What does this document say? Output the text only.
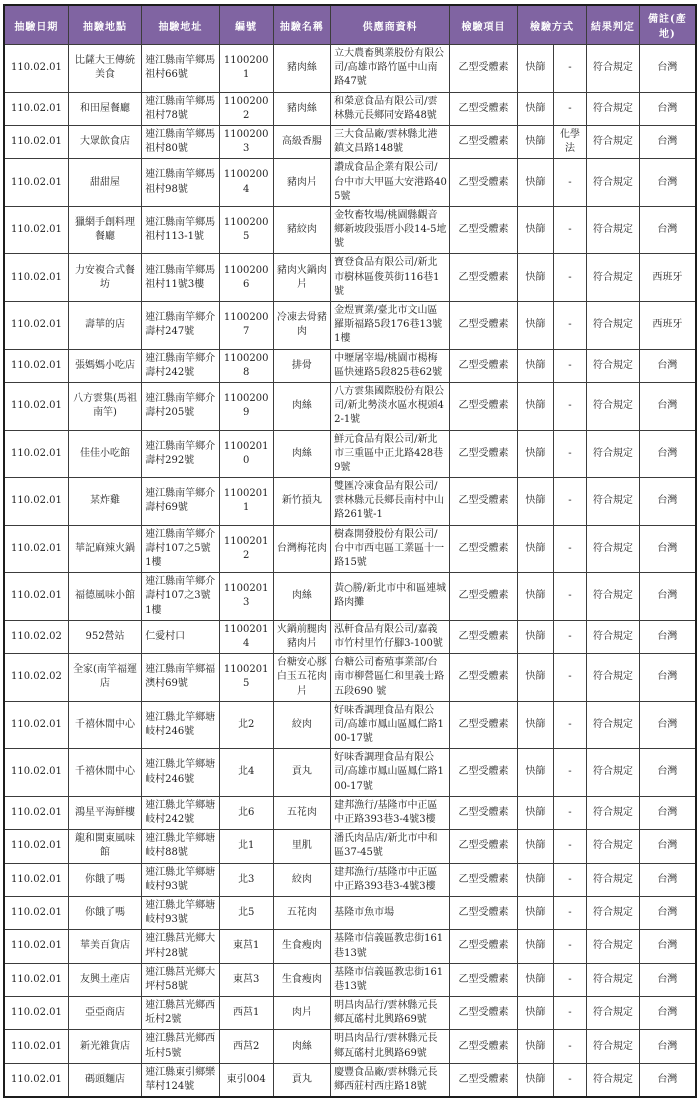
抽驗日期	抽驗地點	抽驗地址	編號	抽驗名稱	供應商資料	檢驗項目	檢驗方式		結果判定	備註(產地)
110.02.01	比薩大王傳統美食	連江縣南竿鄉馬祖村66號	11002001	豬肉絲	立大農畜興業股份有限公司/高雄市路竹區中山南路47號	乙型受體素	快篩	-	符合規定	台灣
110.02.01	和田屋餐廳	連江縣南竿鄉馬祖村78號	11002002	豬肉絲	和榮意食品有限公司/雲林縣元長鄉同安路48號	乙型受體素	快篩	-	符合規定	台灣
110.02.01	大眾飲食店	連江縣南竿鄉馬祖村80號	11002003	高級香腸	三大食品廠/雲林縣北港鎮文昌路148號	乙型受體素	快篩	化學法	符合規定	台灣
110.02.01	甜甜屋	連江縣南竿鄉馬祖村98號	11002004	豬肉片	讚成食品企業有限公司/台中市大甲區大安港路405號	乙型受體素	快篩	-	符合規定	台灣
110.02.01	獵網手創料理餐廳	連江縣南竿鄉馬祖村113-1號	11002005	豬絞肉	金牧畜牧場/桃園縣觀音鄉新坡段張厝小段14-5地號	乙型受體素	快篩	-	符合規定	台灣
110.02.01	力安複合式餐坊	連江縣南竿鄉馬祖村11號3樓	11002006	豬肉火鍋肉片	寶登食品有限公司/新北市樹林區俊英街116巷1號	乙型受體素	快篩	-	符合規定	西班牙
110.02.01	壽華的店	連江縣南竿鄉介壽村247號	11002007	冷凍去骨豬肉	金煜實業/臺北市文山區羅斯福路5段176巷13號1樓	乙型受體素	快篩	-	符合規定	西班牙
110.02.01	張媽媽小吃店	連江縣南竿鄉介壽村242號	11002008	排骨	中壢屠宰場/桃園市楊梅區快速路5段825巷62號	乙型受體素	快篩	-	符合規定	台灣
110.02.01	八方雲集(馬祖南竿)	連江縣南竿鄉介壽村205號	11002009	肉絲	八方雲集國際股份有限公司/新北勢淡水區水梘頭42-1號	乙型受體素	快篩	-	符合規定	台灣
110.02.01	佳佳小吃館	連江縣南竿鄉介壽村292號	11002010	肉絲	鮮元食品有限公司/新北市三重區中正北路428巷9號	乙型受體素	快篩	-	符合規定	台灣
110.02.01	某炸雞	連江縣南竿鄉介壽村69號	11002011	新竹摃丸	雙匯冷凍食品有限公司/雲林縣元長鄉長南村中山路261號-1	乙型受體素	快篩	-	符合規定	台灣
110.02.01	華記麻辣火鍋	連江縣南竿鄉介壽村107之5號1樓	11002012	台灣梅花肉	樹森開發股份有限公司/台中市西屯區工業區十一路15號	乙型受體素	快篩	-	符合規定	台灣
110.02.01	福德風味小館	連江縣南竿鄉介壽村107之3號1樓	11002013	肉絲	黃○勝/新北市中和區連城路肉攤	乙型受體素	快篩	-	符合規定	台灣
110.02.02	952營站	仁愛村口	11002014	火鍋前腿肉豬肉片	泓軒食品有限公司/嘉義市竹村里竹仔腳3-100號	乙型受體素	快篩	-	符合規定	台灣
110.02.02	全家(南竿福運店	連江縣南竿鄉福澳村69號	11002015	台糖安心豚白玉五花肉片	台糖公司畜殖事業部/台南市柳營區仁和里義士路五段690 號	乙型受體素	快篩	-	符合規定	台灣
110.02.01	千禧休閒中心	連江縣北竿鄉塘岐村246號	北2	絞肉	好味香調理食品有限公司/高雄市鳳山區鳳仁路100-17號	乙型受體素	快篩	-	符合規定	台灣
110.02.01	千禧休閒中心	連江縣北竿鄉塘岐村246號	北4	貢丸	好味香調理食品有限公司/高雄市鳳山區鳳仁路100-17號	乙型受體素	快篩	-	符合規定	台灣
110.02.01	鴻星平海鮮樓	連江縣北竿鄉塘岐村242號	北6	五花肉	建邦漁行/基隆市中正區中正路393巷3-4號3樓	乙型受體素	快篩	-	符合規定	台灣
110.02.01	龍和閩東風味館	連江縣北竿鄉塘岐村88號	北1	里肌	潘氏肉品店/新北市中和區37-45號	乙型受體素	快篩	-	符合規定	台灣
110.02.01	你餓了嗎	連江縣北竿鄉塘岐村93號	北3	絞肉	建邦漁行/基隆市中正區中正路393巷3-4號3樓	乙型受體素	快篩	-	符合規定	台灣
110.02.01	你餓了嗎	連江縣北竿鄉塘岐村93號	北5	五花肉	基隆市魚市場	乙型受體素	快篩	-	符合規定	台灣
110.02.01	華美百貨店	連江縣莒光鄉大坪村28號	東莒1	生食瘦肉	基隆市信義區教忠街161巷13號	乙型受體素	快篩	-	符合規定	台灣
110.02.01	友興土產店	連江縣莒光鄉大坪村58號	東莒3	生食瘦肉	基隆市信義區教忠街161巷13號	乙型受體素	快篩	-	符合規定	台灣
110.02.01	亞亞商店	連江縣莒光鄉西坵村2號	西莒1	肉片	明昌肉品行/雲林縣元長鄉瓦磘村北興路69號	乙型受體素	快篩	-	符合規定	台灣
110.02.01	新光雜貨店	連江縣莒光鄉西坵村5號	西莒2	肉絲	明昌肉品行/雲林縣元長鄉瓦磘村北興路69號	乙型受體素	快篩	-	符合規定	台灣
110.02.01	碼頭麵店	連江縣東引鄉樂華村124號	東引004	貢丸	慶豐食品廠/雲林縣元長鄉西莊村西庄路18號	乙型受體素	快篩	-	符合規定	台灣
